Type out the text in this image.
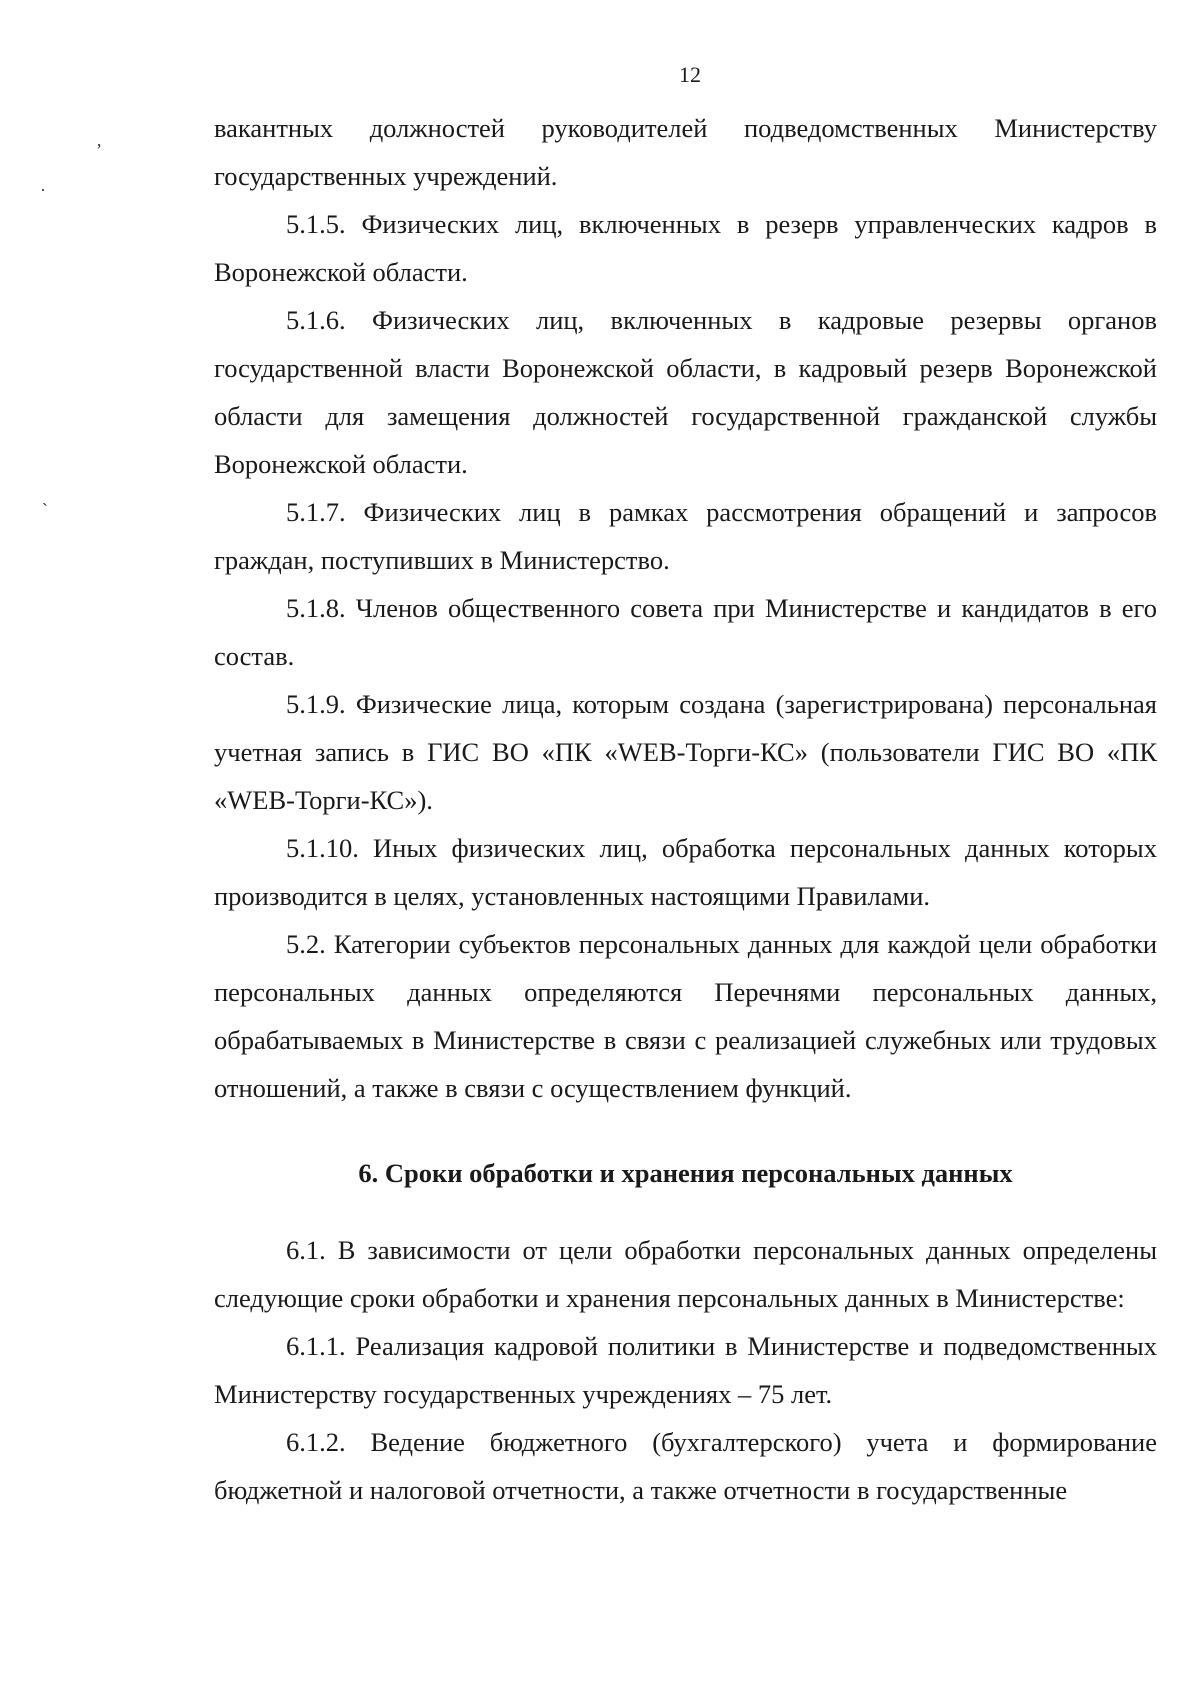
12

вакантных должностей руководителей подведомственных Министерству государственных учреждений.

5.1.5. Физических лиц, включенных в резерв управленческих кадров в Воронежской области.

5.1.6. Физических лиц, включенных в кадровые резервы органов государственной власти Воронежской области, в кадровый резерв Воронежской области для замещения должностей государственной гражданской службы Воронежской области.

5.1.7. Физических лиц в рамках рассмотрения обращений и запросов граждан, поступивших в Министерство.

5.1.8. Членов общественного совета при Министерстве и кандидатов в его состав.

5.1.9. Физические лица, которым создана (зарегистрирована) персональная учетная запись в ГИС ВО «ПК «WEB-Торги-КС» (пользователи ГИС ВО «ПК «WEB-Торги-КС»).

5.1.10. Иных физических лиц, обработка персональных данных которых производится в целях, установленных настоящими Правилами.

5.2. Категории субъектов персональных данных для каждой цели обработки персональных данных определяются Перечнями персональных данных, обрабатываемых в Министерстве в связи с реализацией служебных или трудовых отношений, а также в связи с осуществлением функций.

6. Сроки обработки и хранения персональных данных

6.1. В зависимости от цели обработки персональных данных определены следующие сроки обработки и хранения персональных данных в Министерстве:

6.1.1. Реализация кадровой политики в Министерстве и подведомственных Министерству государственных учреждениях – 75 лет.

6.1.2. Ведение бюджетного (бухгалтерского) учета и формирование бюджетной и налоговой отчетности, а также отчетности в государственные

ʼ
·
`
